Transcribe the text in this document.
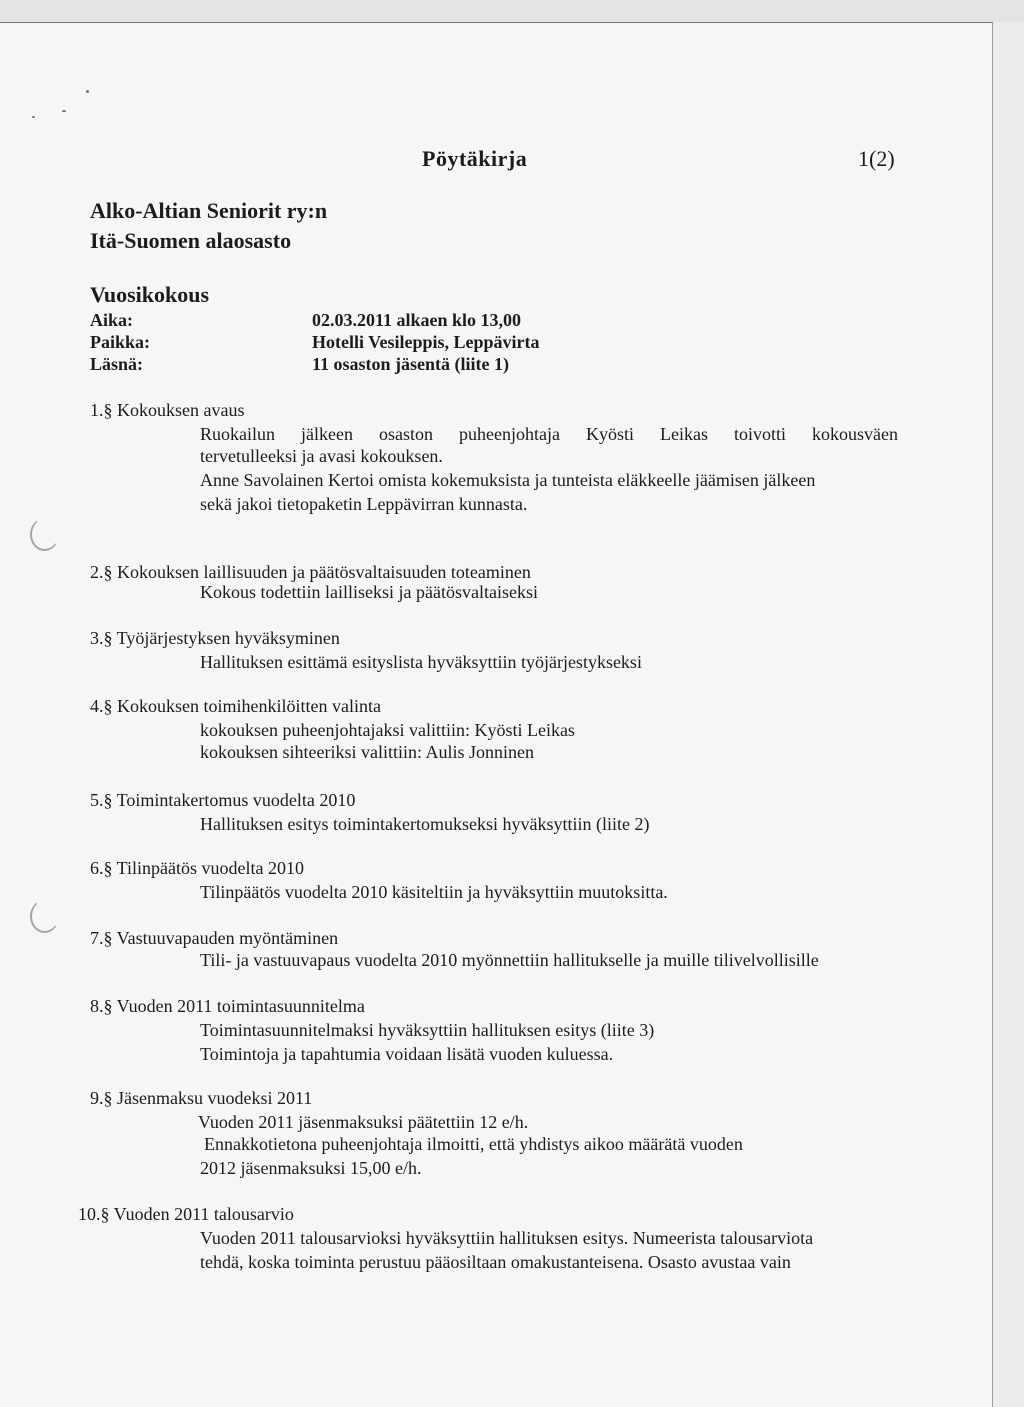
Pöytäkirja	1(2)
Alko-Altian Seniorit ry:n
Itä-Suomen alaosasto
Vuosikokous
Aika:	02.03.2011 alkaen klo 13,00
Paikka:	Hotelli Vesileppis, Leppävirta
Läsnä:	11 osaston jäsentä (liite 1)
1.§ Kokouksen avaus
Ruokailun jälkeen osaston puheenjohtaja Kyösti Leikas toivotti kokousväen
tervetulleeksi ja avasi kokouksen.
Anne Savolainen Kertoi omista kokemuksista ja tunteista eläkkeelle jäämisen jälkeen
sekä jakoi tietopaketin Leppävirran kunnasta.
2.§ Kokouksen laillisuuden ja päätösvaltaisuuden toteaminen
Kokous todettiin lailliseksi ja päätösvaltaiseksi
3.§ Työjärjestyksen hyväksyminen
Hallituksen esittämä esityslista hyväksyttiin työjärjestykseksi
4.§ Kokouksen toimihenkilöitten valinta
kokouksen puheenjohtajaksi valittiin: Kyösti Leikas
kokouksen sihteeriksi valittiin: Aulis Jonninen
5.§ Toimintakertomus vuodelta 2010
Hallituksen esitys toimintakertomukseksi hyväksyttiin (liite 2)
6.§ Tilinpäätös vuodelta 2010
Tilinpäätös vuodelta 2010 käsiteltiin ja hyväksyttiin muutoksitta.
7.§ Vastuuvapauden myöntäminen
Tili- ja vastuuvapaus vuodelta 2010 myönnettiin hallitukselle ja muille tilivelvollisille
8.§ Vuoden 2011 toimintasuunnitelma
Toimintasuunnitelmaksi hyväksyttiin hallituksen esitys (liite 3)
Toimintoja ja tapahtumia voidaan lisätä vuoden kuluessa.
9.§ Jäsenmaksu vuodeksi 2011
Vuoden 2011 jäsenmaksuksi päätettiin 12 e/h.
Ennakkotietona puheenjohtaja ilmoitti, että yhdistys aikoo määrätä vuoden
2012 jäsenmaksuksi 15,00 e/h.
10.§ Vuoden 2011 talousarvio
Vuoden 2011 talousarvioksi hyväksyttiin hallituksen esitys. Numeerista talousarviota
tehdä, koska toiminta perustuu pääosiltaan omakustanteisena. Osasto avustaa vain
